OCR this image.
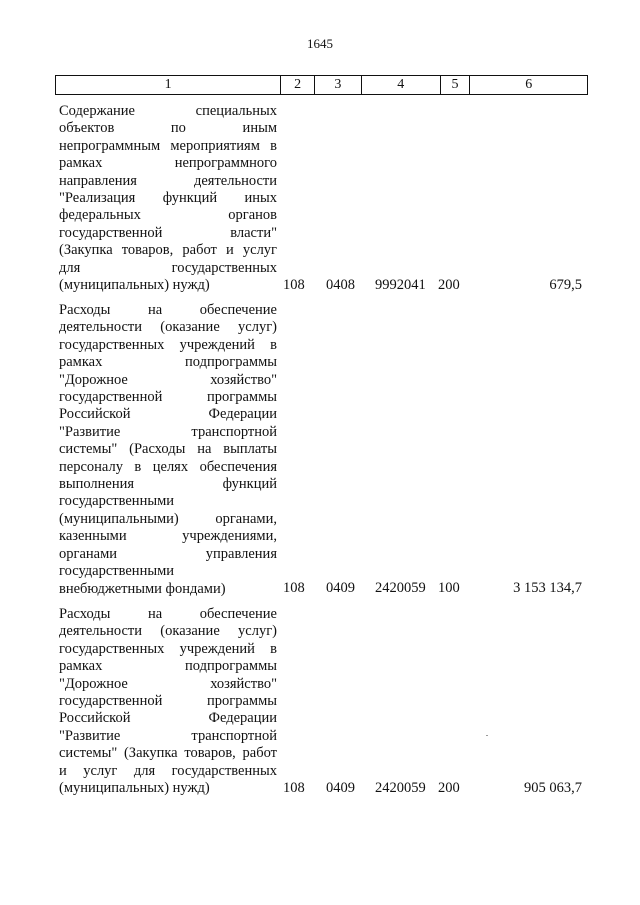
1645
1	2	3	4	5	6
Содержание специальных
объектов по иным
непрограммным мероприятиям в
рамках непрограммного
направления деятельности
"Реализация функций иных
федеральных органов
государственной власти"
(Закупка товаров, работ и услуг
для государственных
(муниципальных) нужд)	108 0408 9992041 200	679,5
Расходы на обеспечение
деятельности (оказание услуг)
государственных учреждений в
рамках подпрограммы
"Дорожное хозяйство"
государственной программы
Российской Федерации
"Развитие транспортной
системы" (Расходы на выплаты
персоналу в целях обеспечения
выполнения функций
государственными
(муниципальными) органами,
казенными учреждениями,
органами управления
государственными
внебюджетными фондами)	108 0409 2420059 100	3 153 134,7
Расходы на обеспечение
деятельности (оказание услуг)
государственных учреждений в
рамках подпрограммы
"Дорожное хозяйство"
государственной программы
Российской Федерации
"Развитие транспортной
системы" (Закупка товаров, работ
и услуг для государственных
(муниципальных) нужд)	108 0409 2420059 200	905 063,7
